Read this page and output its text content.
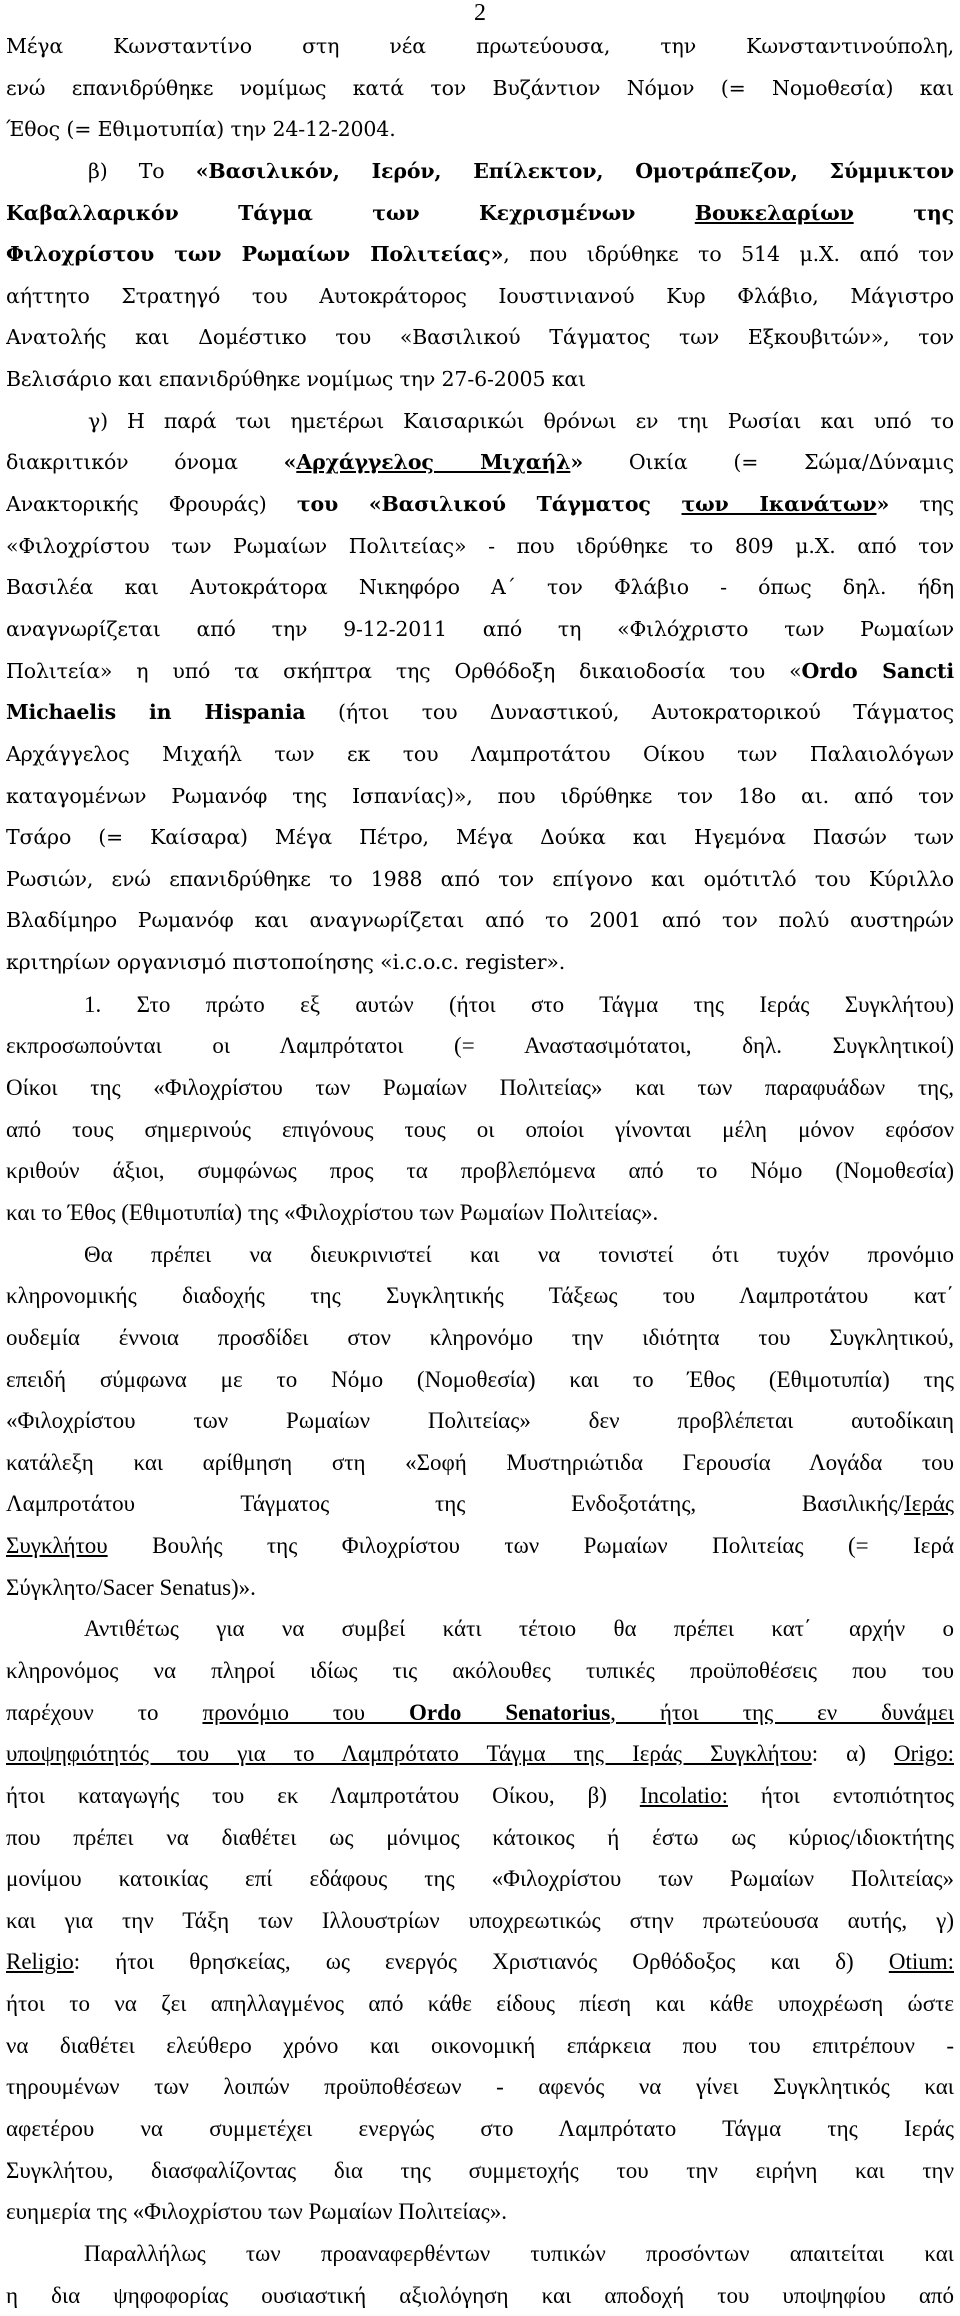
2
Μέγα Κωνσταντίνο στη νέα πρωτεύουσα, την Κωνσταντινούπολη,
ενώ επανιδρύθηκε νομίμως κατά τον Βυζάντιον Νόμον (= Νομοθεσία) και
Έθος (= Εθιμοτυπία) την 24-12-2004.
β) Το «Βασιλικόν, Ιερόν, Επίλεκτον, Ομοτράπεζον, Σύμμικτον
Καβαλλαρικόν Τάγμα των Κεχρισμένων Βουκελαρίων της
Φιλοχρίστου των Ρωμαίων Πολιτείας», που ιδρύθηκε το 514 μ.Χ. από τον
αήττητο Στρατηγό του Αυτοκράτορος Ιουστινιανού Κυρ Φλάβιο, Μάγιστρο
Ανατολής και Δομέστικο του «Βασιλικού Τάγματος των Εξκουβιτών», τον
Βελισάριο και επανιδρύθηκε νομίμως την 27-6-2005 και
γ) Η παρά τωι ημετέρωι Καισαρικώι θρόνωι εν τηι Ρωσίαι και υπό το
διακριτικόν όνομα «Αρχάγγελος Μιχαήλ» Οικία (= Σώμα/Δύναμις
Ανακτορικής Φρουράς) του «Βασιλικού Τάγματος των Ικανάτων» της
«Φιλοχρίστου των Ρωμαίων Πολιτείας» - που ιδρύθηκε το 809 μ.Χ. από τον
Βασιλέα και Αυτοκράτορα Νικηφόρο Α΄ τον Φλάβιο - όπως δηλ. ήδη
αναγνωρίζεται από την 9-12-2011 από τη «Φιλόχριστο των Ρωμαίων
Πολιτεία» η υπό τα σκήπτρα της Ορθόδοξη δικαιοδοσία του «Ordo Sancti
Michaelis in Hispania (ήτοι του Δυναστικού, Αυτοκρατορικού Τάγματος
Αρχάγγελος Μιχαήλ των εκ του Λαμπροτάτου Οίκου των Παλαιολόγων
καταγομένων Ρωμανόφ της Ισπανίας)», που ιδρύθηκε τον 18ο αι. από τον
Τσάρο (= Καίσαρα) Μέγα Πέτρο, Μέγα Δούκα και Ηγεμόνα Πασών των
Ρωσιών, ενώ επανιδρύθηκε το 1988 από τον επίγονο και ομότιτλό του Κύριλλο
Βλαδίμηρο Ρωμανόφ και αναγνωρίζεται από το 2001 από τον πολύ αυστηρών
κριτηρίων οργανισμό πιστοποίησης «i.c.o.c. register».
1. Στο πρώτο εξ αυτών (ήτοι στο Τάγμα της Ιεράς Συγκλήτου)
εκπροσωπούνται οι Λαμπρότατοι (= Αναστασιμότατοι, δηλ. Συγκλητικοί)
Οίκοι της «Φιλοχρίστου των Ρωμαίων Πολιτείας» και των παραφυάδων της,
από τους σημερινούς επιγόνους τους οι οποίοι γίνονται μέλη μόνον εφόσον
κριθούν άξιοι, συμφώνως προς τα προβλεπόμενα από το Νόμο (Νομοθεσία)
και το Έθος (Εθιμοτυπία) της «Φιλοχρίστου των Ρωμαίων Πολιτείας».
Θα πρέπει να διευκρινιστεί και να τονιστεί ότι τυχόν προνόμιο
κληρονομικής διαδοχής της Συγκλητικής Τάξεως του Λαμπροτάτου κατ΄
ουδεμία έννοια προσδίδει στον κληρονόμο την ιδιότητα του Συγκλητικού,
επειδή σύμφωνα με το Νόμο (Νομοθεσία) και το Έθος (Εθιμοτυπία) της
«Φιλοχρίστου των Ρωμαίων Πολιτείας» δεν προβλέπεται αυτοδίκαιη
κατάλεξη και αρίθμηση στη «Σοφή Μυστηριώτιδα Γερουσία Λογάδα του
Λαμπροτάτου Τάγματος της Ενδοξοτάτης, Βασιλικής/Ιεράς
Συγκλήτου Βουλής της Φιλοχρίστου των Ρωμαίων Πολιτείας (= Ιερά
Σύγκλητο/Sacer Senatus)».
Αντιθέτως για να συμβεί κάτι τέτοιο θα πρέπει κατ΄ αρχήν ο
κληρονόμος να πληροί ιδίως τις ακόλουθες τυπικές προϋποθέσεις που του
παρέχουν το προνόμιο του Ordo Senatorius, ήτοι της εν δυνάμει
υποψηφιότητός του για το Λαμπρότατο Τάγμα της Ιεράς Συγκλήτου: α) Origo:
ήτοι καταγωγής του εκ Λαμπροτάτου Οίκου, β) Incolatio: ήτοι εντοπιότητος
που πρέπει να διαθέτει ως μόνιμος κάτοικος ή έστω ως κύριος/ιδιοκτήτης
μονίμου κατοικίας επί εδάφους της «Φιλοχρίστου των Ρωμαίων Πολιτείας»
και για την Τάξη των Ιλλουστρίων υποχρεωτικώς στην πρωτεύουσα αυτής, γ)
Religio: ήτοι θρησκείας, ως ενεργός Χριστιανός Ορθόδοξος και δ) Otium:
ήτοι το να ζει απηλλαγμένος από κάθε είδους πίεση και κάθε υποχρέωση ώστε
να διαθέτει ελεύθερο χρόνο και οικονομική επάρκεια που του επιτρέπουν -
τηρουμένων των λοιπών προϋποθέσεων - αφενός να γίνει Συγκλητικός και
αφετέρου να συμμετέχει ενεργώς στο Λαμπρότατο Τάγμα της Ιεράς
Συγκλήτου, διασφαλίζοντας δια της συμμετοχής του την ειρήνη και την
ευημερία της «Φιλοχρίστου των Ρωμαίων Πολιτείας».
Παραλλήλως των προαναφερθέντων τυπικών προσόντων απαιτείται και
η δια ψηφοφορίας ουσιαστική αξιολόγηση και αποδοχή του υποψηφίου από
